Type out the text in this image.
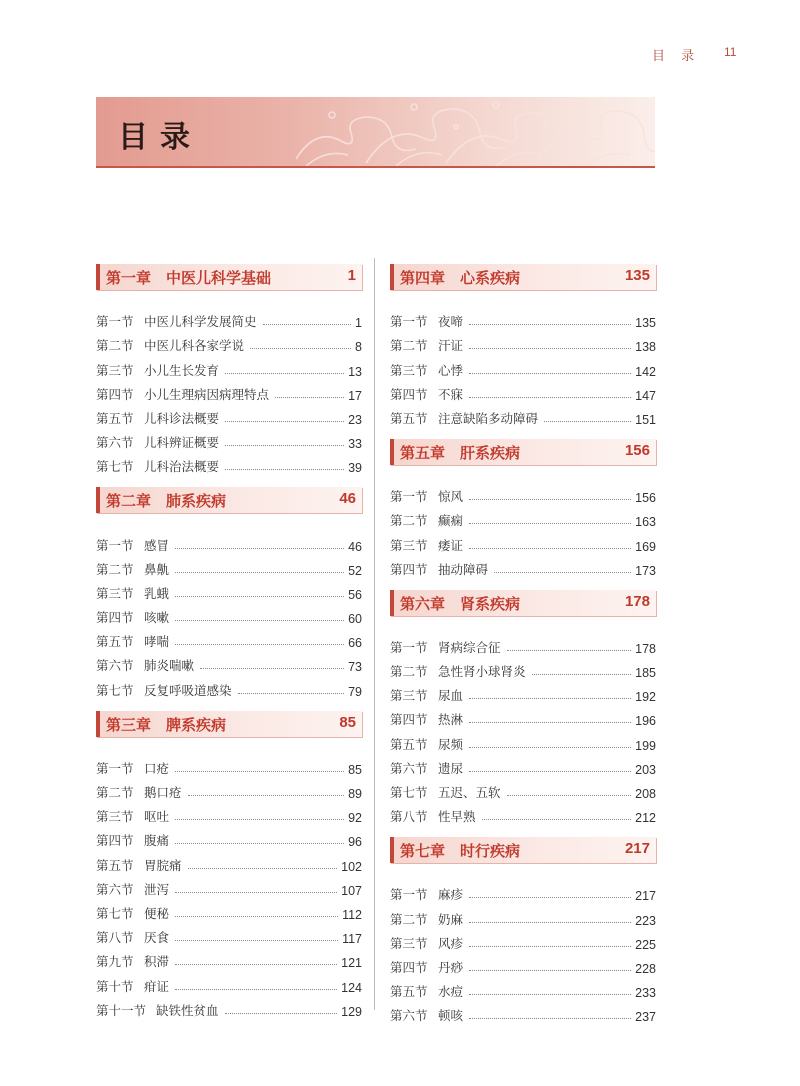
目 录 11
目录
第一章　中医儿科学基础	1
第一节 中医儿科学发展简史	1
第二节 中医儿科各家学说	8
第三节 小儿生长发育	13
第四节 小儿生理病因病理特点	17
第五节 儿科诊法概要	23
第六节 儿科辨证概要	33
第七节 儿科治法概要	39
第二章　肺系疾病	46
第一节 感冒	46
第二节 鼻鼽	52
第三节 乳蛾	56
第四节 咳嗽	60
第五节 哮喘	66
第六节 肺炎喘嗽	73
第七节 反复呼吸道感染	79
第三章　脾系疾病	85
第一节 口疮	85
第二节 鹅口疮	89
第三节 呕吐	92
第四节 腹痛	96
第五节 胃脘痛	102
第六节 泄泻	107
第七节 便秘	112
第八节 厌食	117
第九节 积滞	121
第十节 疳证	124
第十一节 缺铁性贫血	129
第四章　心系疾病	135
第一节 夜啼	135
第二节 汗证	138
第三节 心悸	142
第四节 不寐	147
第五节 注意缺陷多动障碍	151
第五章　肝系疾病	156
第一节 惊风	156
第二节 癫痫	163
第三节 痿证	169
第四节 抽动障碍	173
第六章　肾系疾病	178
第一节 肾病综合征	178
第二节 急性肾小球肾炎	185
第三节 尿血	192
第四节 热淋	196
第五节 尿频	199
第六节 遗尿	203
第七节 五迟、五软	208
第八节 性早熟	212
第七章　时行疾病	217
第一节 麻疹	217
第二节 奶麻	223
第三节 风疹	225
第四节 丹痧	228
第五节 水痘	233
第六节 顿咳	237
